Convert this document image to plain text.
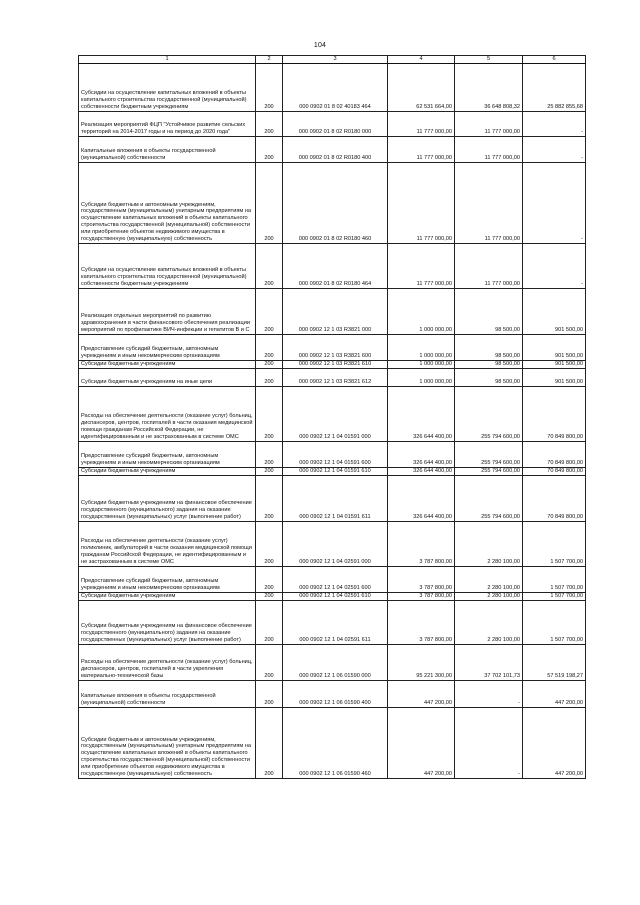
104
1	2	3	4	5	6
Субсидии на осуществление капитальных вложений в объекты капитального строительства государственной (муниципальной) собственности бюджетным учреждениям	200	000 0902 01 8 02 40183 464	62 531 664,00	36 648 808,32	25 882 855,68
Реализация мероприятий ФЦП "Устойчивое развитие сельских территорий на 2014-2017 годы и на период до 2020 года"	200	000 0902 01 8 02 R0180 000	11 777 000,00	11 777 000,00	-
Капитальные вложения в объекты государственной (муниципальной) собственности	200	000 0902 01 8 02 R0180 400	11 777 000,00	11 777 000,00	-
Субсидии бюджетным и автономным учреждениям, государственным (муниципальным) унитарным предприятиям на осуществление капитальных вложений в объекты капитального строительства государственной (муниципальной) собственности или приобретение объектов недвижимого имущества в государственную (муниципальную) собственность	200	000 0902 01 8 02 R0180 460	11 777 000,00	11 777 000,00	-
Субсидии на осуществление капитальных вложений в объекты капитального строительства государственной (муниципальной) собственности бюджетным учреждениям	200	000 0902 01 8 02 R0180 464	11 777 000,00	11 777 000,00	-
Реализация отдельных мероприятий по развитию здравоохранения в части финансового обеспечения реализации мероприятий по профилактике ВИЧ-инфекции и гепатитов В и С	200	000 0902 12 1 03 R3821 000	1 000 000,00	98 500,00	901 500,00
Предоставление субсидий бюджетным, автономным учреждениям и иным некоммерческим организациям	200	000 0902 12 1 03 R3821 600	1 000 000,00	98 500,00	901 500,00
Субсидии бюджетным учреждениям	200	000 0902 12 1 03 R3821 610	1 000 000,00	98 500,00	901 500,00
Субсидии бюджетным учреждениям на иные цели	200	000 0902 12 1 03 R3821 612	1 000 000,00	98 500,00	901 500,00
Расходы на обеспечение деятельности (оказание услуг) больниц, диспансеров, центров, госпиталей в части оказания медицинской помощи гражданам Российской Федерации, не идентифицированным и не застрахованным в системе ОМС	200	000 0902 12 1 04 01591 000	326 644 400,00	255 794 600,00	70 849 800,00
Предоставление субсидий бюджетным, автономным учреждениям и иным некоммерческим организациям	200	000 0902 12 1 04 01591 600	326 644 400,00	255 794 600,00	70 849 800,00
Субсидии бюджетным учреждениям	200	000 0902 12 1 04 01591 610	326 644 400,00	255 794 600,00	70 849 800,00
Субсидии бюджетным учреждениям на финансовое обеспечение государственного (муниципального) задания на оказание государственных (муниципальных) услуг (выполнение работ)	200	000 0902 12 1 04 01591 611	326 644 400,00	255 794 600,00	70 849 800,00
Расходы на обеспечение деятельности (оказание услуг) поликлиник, амбулаторий в части оказания медицинской помощи гражданам Российской Федерации, не идентифицированным и не застрахованным в системе ОМС	200	000 0902 12 1 04 02591 000	3 787 800,00	2 280 100,00	1 507 700,00
Предоставление субсидий бюджетным, автономным учреждениям и иным некоммерческим организациям	200	000 0902 12 1 04 02591 600	3 787 800,00	2 280 100,00	1 507 700,00
Субсидии бюджетным учреждениям	200	000 0902 12 1 04 02591 610	3 787 800,00	2 280 100,00	1 507 700,00
Субсидии бюджетным учреждениям на финансовое обеспечение государственного (муниципального) задания на оказание государственных (муниципальных) услуг (выполнение работ)	200	000 0902 12 1 04 02591 611	3 787 800,00	2 280 100,00	1 507 700,00
Расходы на обеспечение деятельности (оказание услуг) больниц, диспансеров, центров, госпиталей в части укрепления материально-технической базы	200	000 0902 12 1 06 01590 000	95 221 300,00	37 702 101,73	57 519 198,27
Капитальные вложения в объекты государственной (муниципальной) собственности	200	000 0902 12 1 06 01590 400	447 200,00	-	447 200,00
Субсидии бюджетным и автономным учреждениям, государственным (муниципальным) унитарным предприятиям на осуществление капитальных вложений в объекты капитального строительства государственной (муниципальной) собственности или приобретение объектов недвижимого имущества в государственную (муниципальную) собственность	200	000 0902 12 1 06 01590 460	447 200,00	-	447 200,00
